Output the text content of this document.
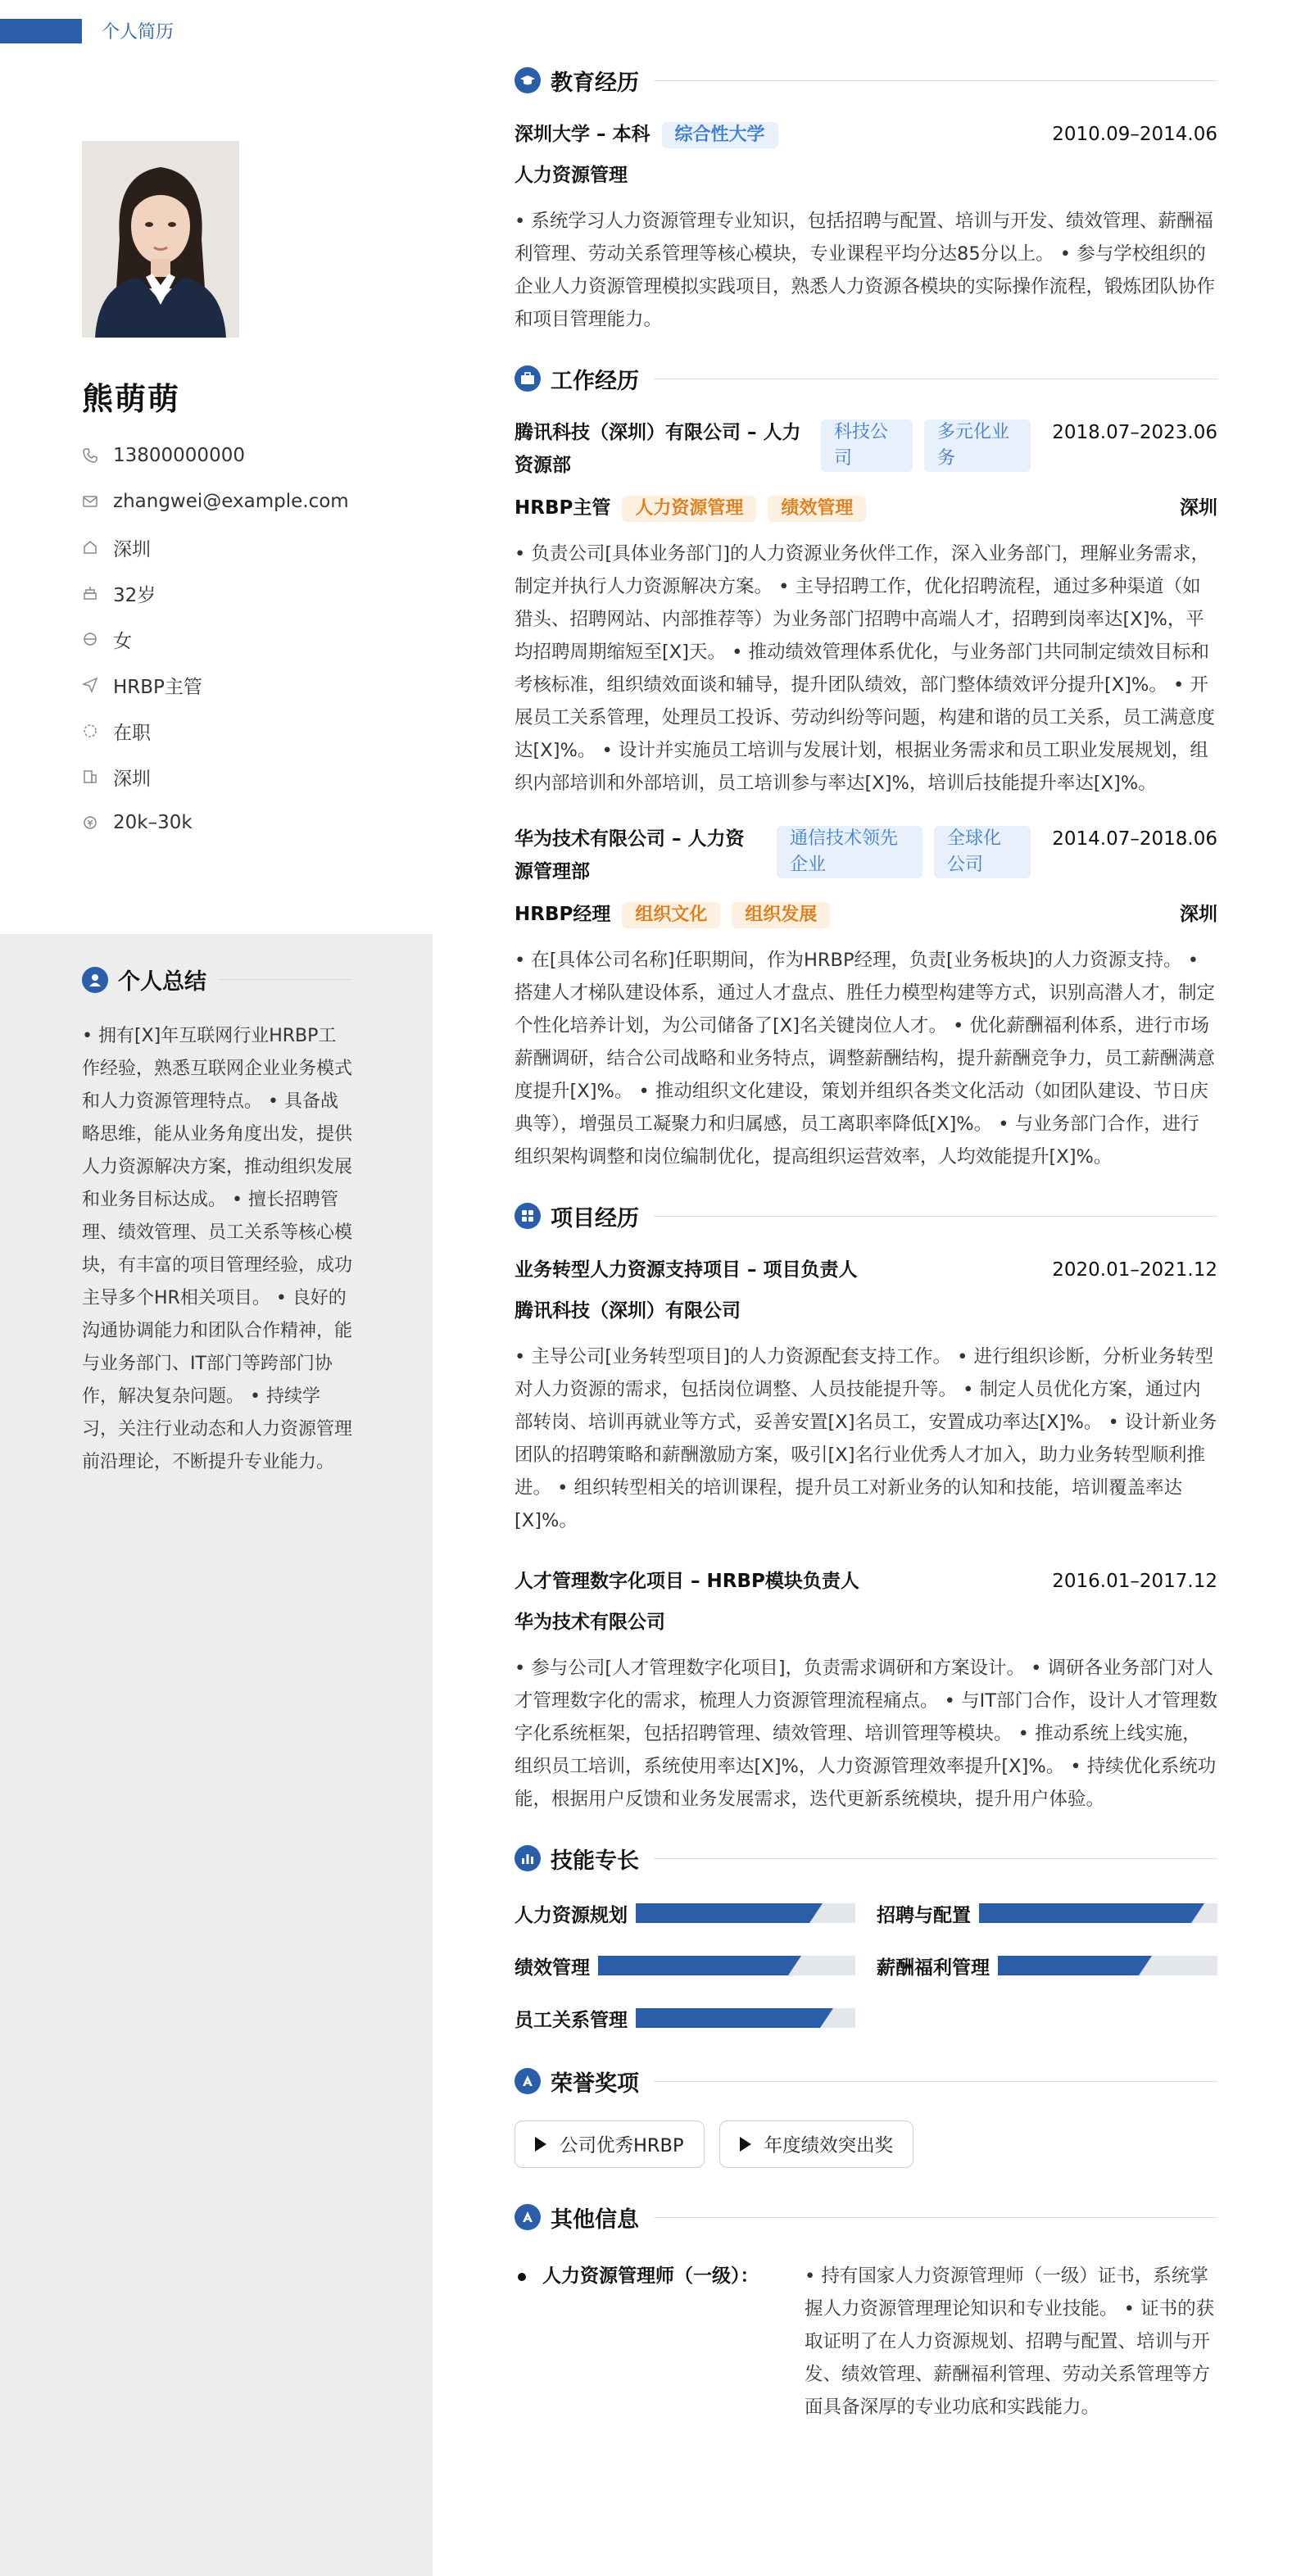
个人简历
熊萌萌
13800000000
zhangwei@example.com
深圳
32岁
女
HRBP主管
在职
深圳
20k–30k
个人总结
• 拥有[X]年互联网行业HRBP工作经验，熟悉互联网企业业务模式和人力资源管理特点。 • 具备战略思维，能从业务角度出发，提供人力资源解决方案，推动组织发展和业务目标达成。 • 擅长招聘管理、绩效管理、员工关系等核心模块，有丰富的项目管理经验，成功主导多个HR相关项目。 • 良好的沟通协调能力和团队合作精神，能与业务部门、IT部门等跨部门协作，解决复杂问题。 • 持续学习，关注行业动态和人力资源管理前沿理论，不断提升专业能力。
教育经历
深圳大学 – 本科 综合性大学	2010.09–2014.06
人力资源管理
• 系统学习人力资源管理专业知识，包括招聘与配置、培训与开发、绩效管理、薪酬福利管理、劳动关系管理等核心模块，专业课程平均分达85分以上。 • 参与学校组织的企业人力资源管理模拟实践项目，熟悉人力资源各模块的实际操作流程，锻炼团队协作和项目管理能力。
工作经历
腾讯科技（深圳）有限公司 – 人力资源部
科技公司
多元化业务
2018.07–2023.06
HRBP主管 人力资源管理 绩效管理	深圳
• 负责公司[具体业务部门]的人力资源业务伙伴工作，深入业务部门，理解业务需求，制定并执行人力资源解决方案。 • 主导招聘工作，优化招聘流程，通过多种渠道（如猎头、招聘网站、内部推荐等）为业务部门招聘中高端人才，招聘到岗率达[X]%，平均招聘周期缩短至[X]天。 • 推动绩效管理体系优化，与业务部门共同制定绩效目标和考核标准，组织绩效面谈和辅导，提升团队绩效，部门整体绩效评分提升[X]%。 • 开展员工关系管理，处理员工投诉、劳动纠纷等问题，构建和谐的员工关系，员工满意度达[X]%。 • 设计并实施员工培训与发展计划，根据业务需求和员工职业发展规划，组织内部培训和外部培训，员工培训参与率达[X]%，培训后技能提升率达[X]%。
华为技术有限公司 – 人力资源管理部
通信技术领先企业
全球化公司
2014.07–2018.06
HRBP经理 组织文化 组织发展	深圳
• 在[具体公司名称]任职期间，作为HRBP经理，负责[业务板块]的人力资源支持。 • 搭建人才梯队建设体系，通过人才盘点、胜任力模型构建等方式，识别高潜人才，制定个性化培养计划，为公司储备了[X]名关键岗位人才。 • 优化薪酬福利体系，进行市场薪酬调研，结合公司战略和业务特点，调整薪酬结构，提升薪酬竞争力，员工薪酬满意度提升[X]%。 • 推动组织文化建设，策划并组织各类文化活动（如团队建设、节日庆典等），增强员工凝聚力和归属感，员工离职率降低[X]%。 • 与业务部门合作，进行组织架构调整和岗位编制优化，提高组织运营效率，人均效能提升[X]%。
项目经历
业务转型人力资源支持项目 – 项目负责人	2020.01–2021.12
腾讯科技（深圳）有限公司
• 主导公司[业务转型项目]的人力资源配套支持工作。 • 进行组织诊断，分析业务转型对人力资源的需求，包括岗位调整、人员技能提升等。 • 制定人员优化方案，通过内部转岗、培训再就业等方式，妥善安置[X]名员工，安置成功率达[X]%。 • 设计新业务团队的招聘策略和薪酬激励方案，吸引[X]名行业优秀人才加入，助力业务转型顺利推进。 • 组织转型相关的培训课程，提升员工对新业务的认知和技能，培训覆盖率达[X]%。
人才管理数字化项目 – HRBP模块负责人	2016.01–2017.12
华为技术有限公司
• 参与公司[人才管理数字化项目]，负责需求调研和方案设计。 • 调研各业务部门对人才管理数字化的需求，梳理人力资源管理流程痛点。 • 与IT部门合作，设计人才管理数字化系统框架，包括招聘管理、绩效管理、培训管理等模块。 • 推动系统上线实施，组织员工培训，系统使用率达[X]%，人力资源管理效率提升[X]%。 • 持续优化系统功能，根据用户反馈和业务发展需求，迭代更新系统模块，提升用户体验。
技能专长
人力资源规划	招聘与配置
绩效管理	薪酬福利管理
员工关系管理
荣誉奖项
公司优秀HRBP	年度绩效突出奖
其他信息
人力资源管理师（一级）：	• 持有国家人力资源管理师（一级）证书，系统掌握人力资源管理理论知识和专业技能。 • 证书的获取证明了在人力资源规划、招聘与配置、培训与开发、绩效管理、薪酬福利管理、劳动关系管理等方面具备深厚的专业功底和实践能力。
